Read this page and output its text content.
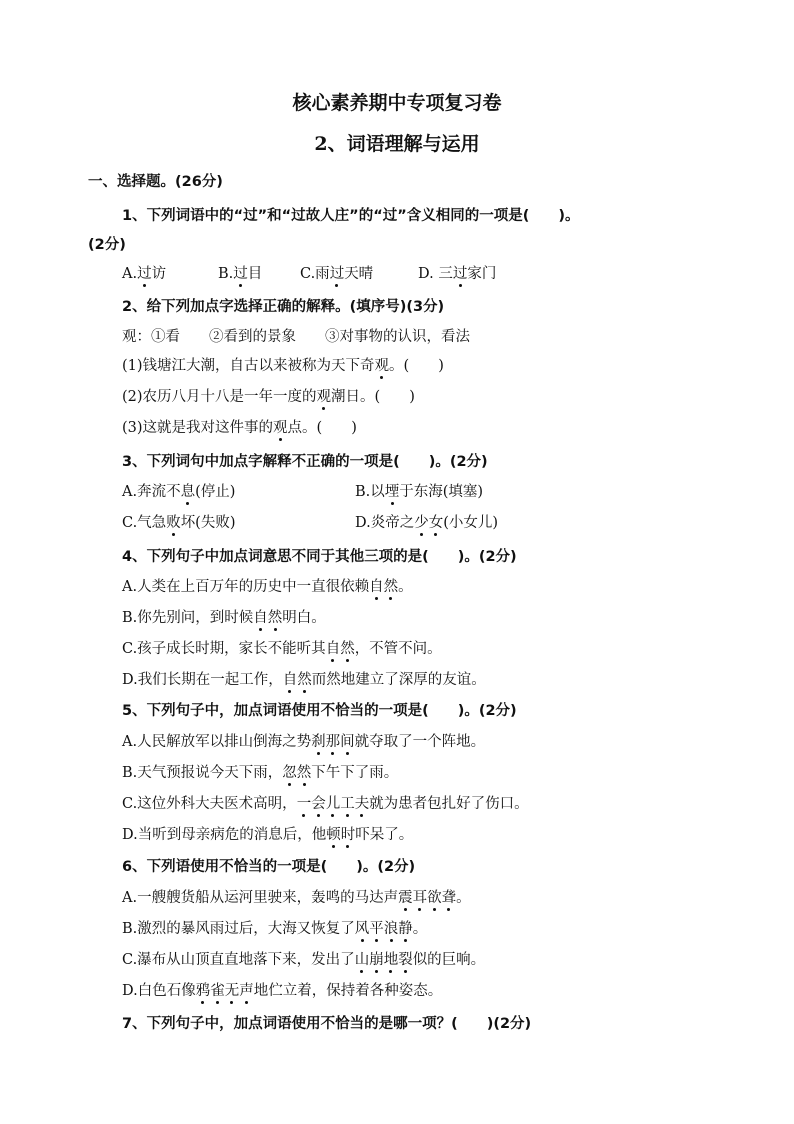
核心素养期中专项复习卷
2、词语理解与运用
一、选择题。(26分)
1、下列词语中的“过”和“过故人庄”的“过”含义相同的一项是(　　)。
(2分)
A.过访	B.过目	C.雨过天晴	D. 三过家门
2、给下列加点字选择正确的解释。(填序号)(3分)
观：①看　　②看到的景象　　③对事物的认识，看法
(1)钱塘江大潮，自古以来被称为天下奇观。(　　)
(2)农历八月十八是一年一度的观潮日。(　　)
(3)这就是我对这件事的观点。(　　)
3、下列词句中加点字解释不正确的一项是(　　)。(2分)
A.奔流不息(停止)	B.以堙于东海(填塞)
C.气急败坏(失败)	D.炎帝之少女(小女儿)
4、下列句子中加点词意思不同于其他三项的是(　　)。(2分)
A.人类在上百万年的历史中一直很依赖自然。
B.你先别问，到时候自然明白。
C.孩子成长时期，家长不能听其自然，不管不问。
D.我们长期在一起工作，自然而然地建立了深厚的友谊。
5、下列句子中，加点词语使用不恰当的一项是(　　)。(2分)
A.人民解放军以排山倒海之势刹那间就夺取了一个阵地。
B.天气预报说今天下雨，忽然下午下了雨。
C.这位外科大夫医术高明，一会儿工夫就为患者包扎好了伤口。
D.当听到母亲病危的消息后，他顿时吓呆了。
6、下列语使用不恰当的一项是(　　)。(2分)
A.一艘艘货船从运河里驶来，轰鸣的马达声震耳欲聋。
B.激烈的暴风雨过后，大海又恢复了风平浪静。
C.瀑布从山顶直直地落下来，发出了山崩地裂似的巨响。
D.白色石像鸦雀无声地伫立着，保持着各种姿态。
7、下列句子中，加点词语使用不恰当的是哪一项？(　　)(2分)
